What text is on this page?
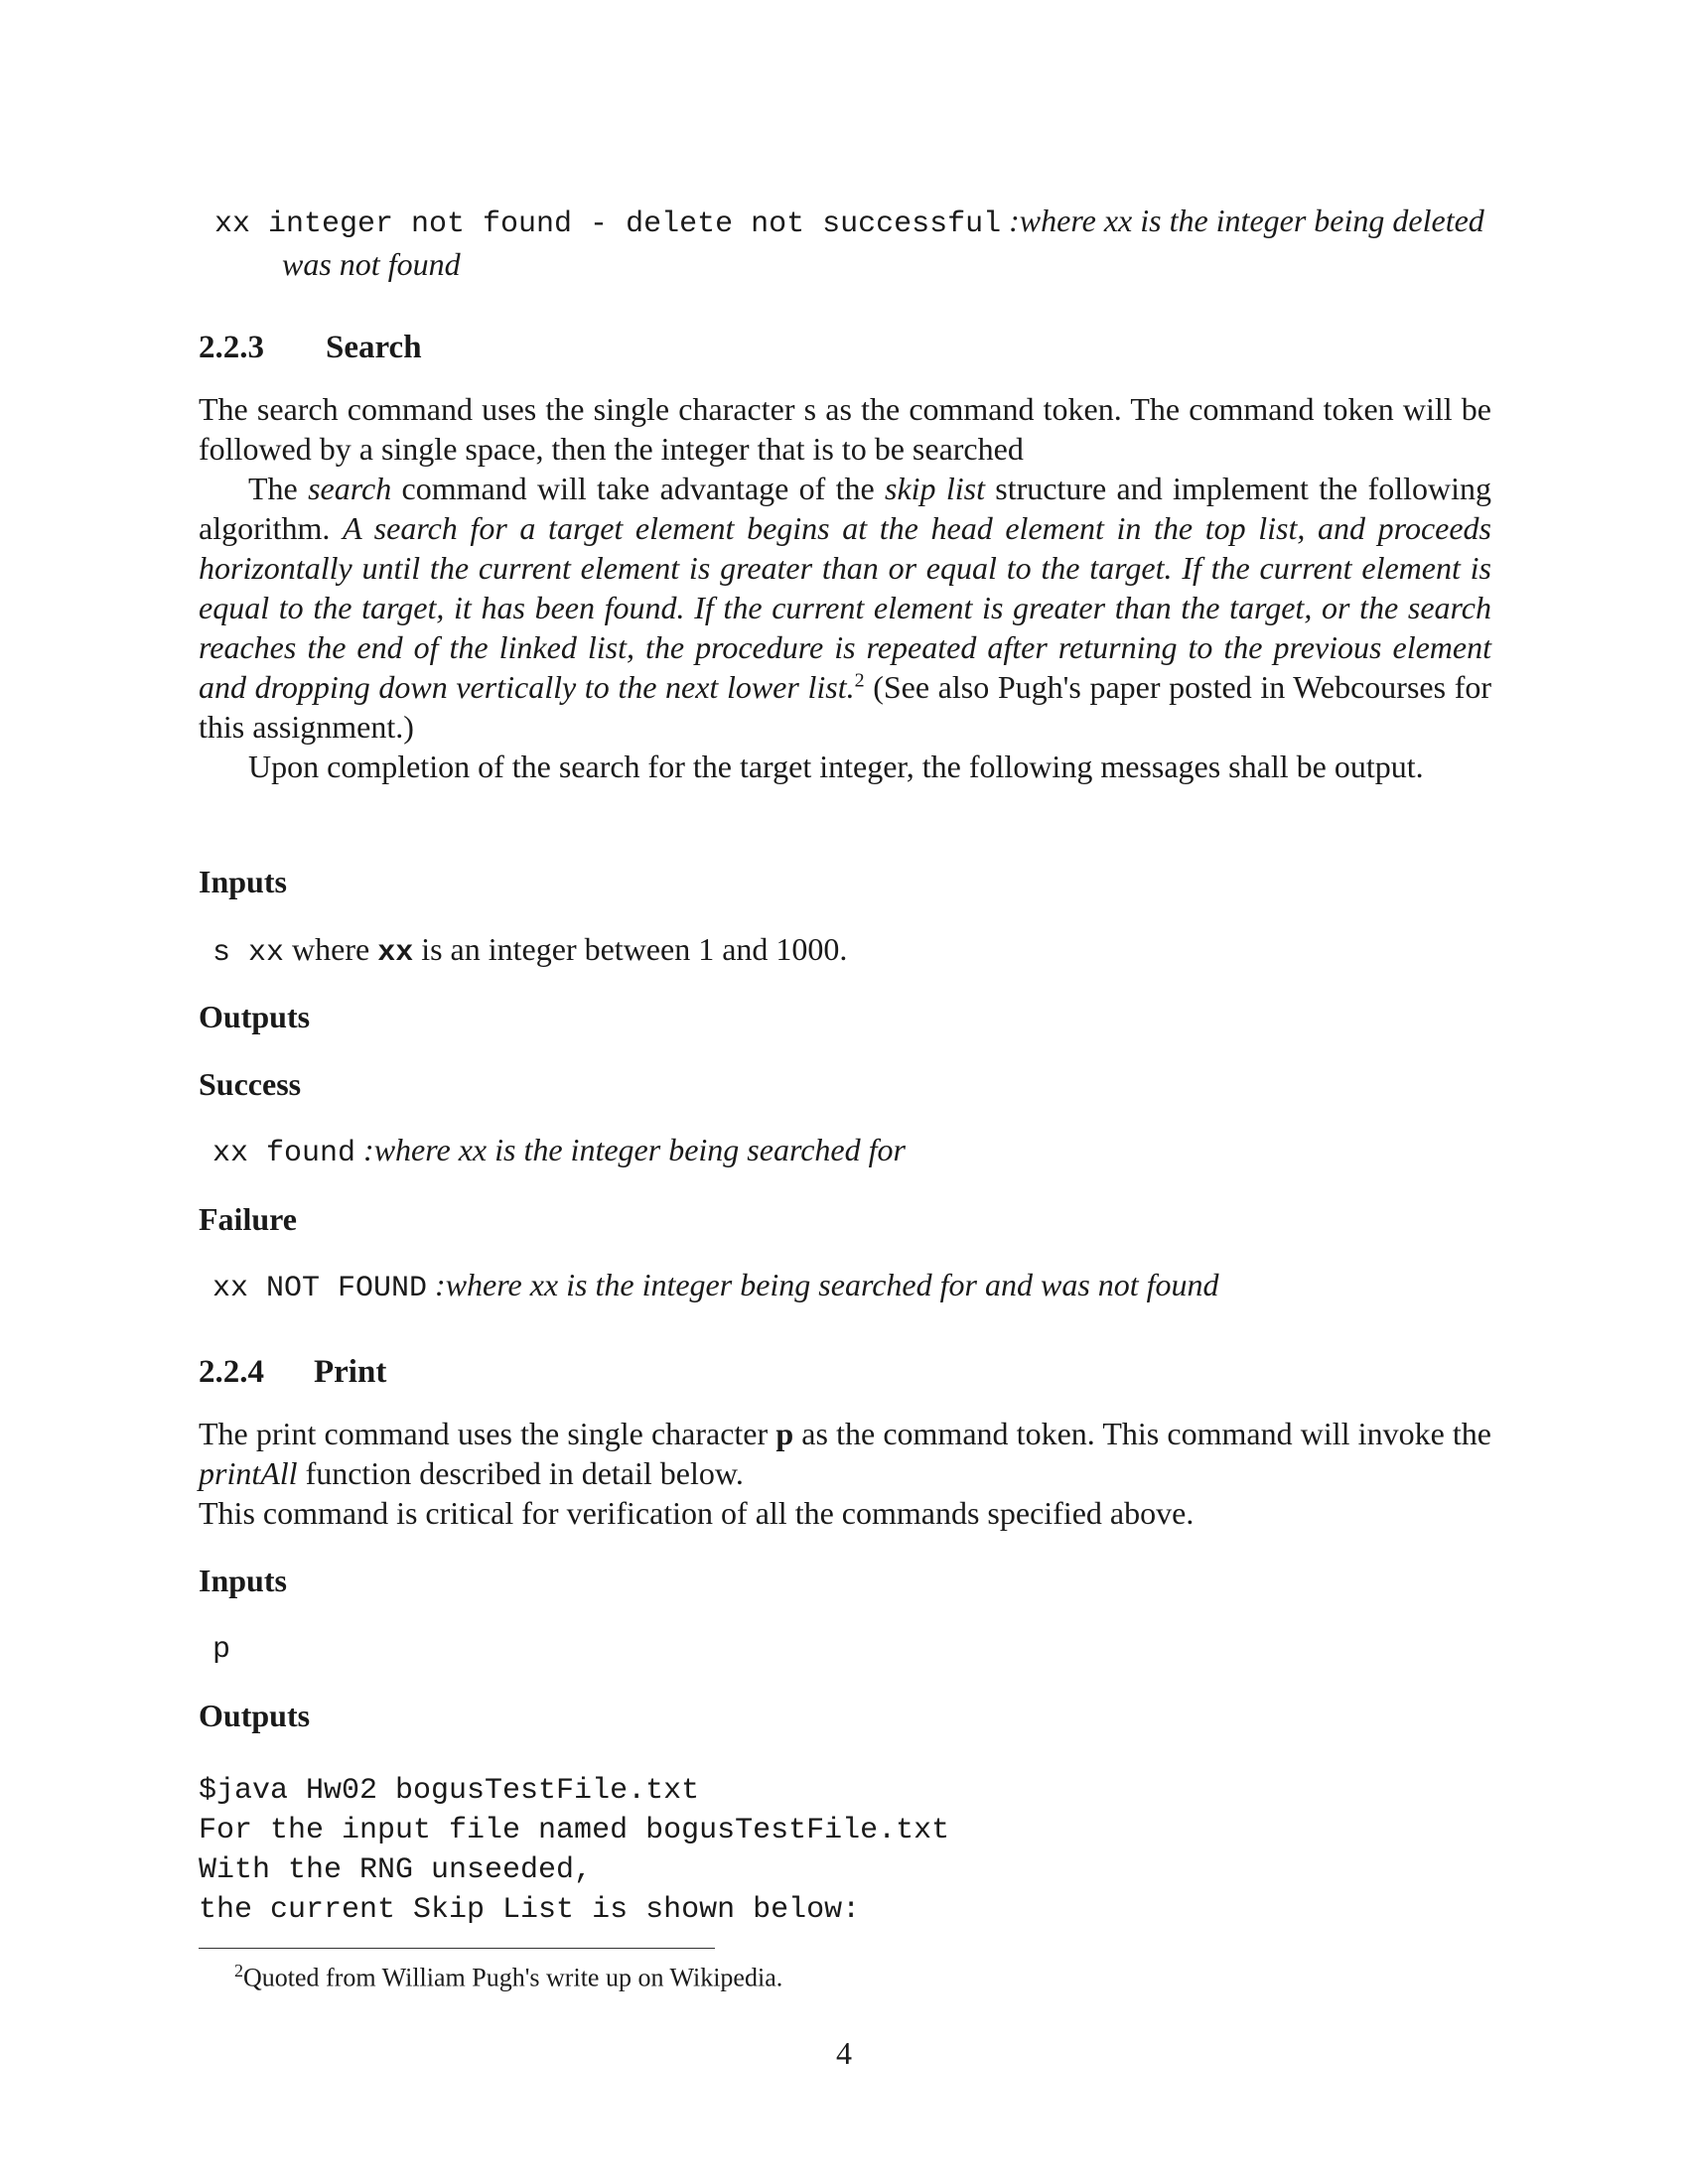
xx integer not found - delete not successful :where xx is the integer being deleted
was not found
2.2.3 Search
The search command uses the single character s as the command token. The command token will be followed by a single space, then the integer that is to be searched
The search command will take advantage of the skip list structure and implement the following algorithm. A search for a target element begins at the head element in the top list, and proceeds horizontally until the current element is greater than or equal to the target. If the current element is equal to the target, it has been found. If the current element is greater than the target, or the search reaches the end of the linked list, the procedure is repeated after returning to the previous element and dropping down vertically to the next lower list.$^2$ (See also Pugh's paper posted in Webcourses for this assignment.)
Upon completion of the search for the target integer, the following messages shall be output.
Inputs
s xx where xx is an integer between 1 and 1000.
Outputs
Success
xx found :where xx is the integer being searched for
Failure
xx NOT FOUND :where xx is the integer being searched for and was not found
2.2.4 Print
The print command uses the single character p as the command token. This command will invoke the printAll function described in detail below.
This command is critical for verification of all the commands specified above.
Inputs
p
Outputs
$java Hw02 bogusTestFile.txt
For the input file named bogusTestFile.txt
With the RNG unseeded,
the current Skip List is shown below:
$^2$Quoted from William Pugh's write up on Wikipedia.
4
